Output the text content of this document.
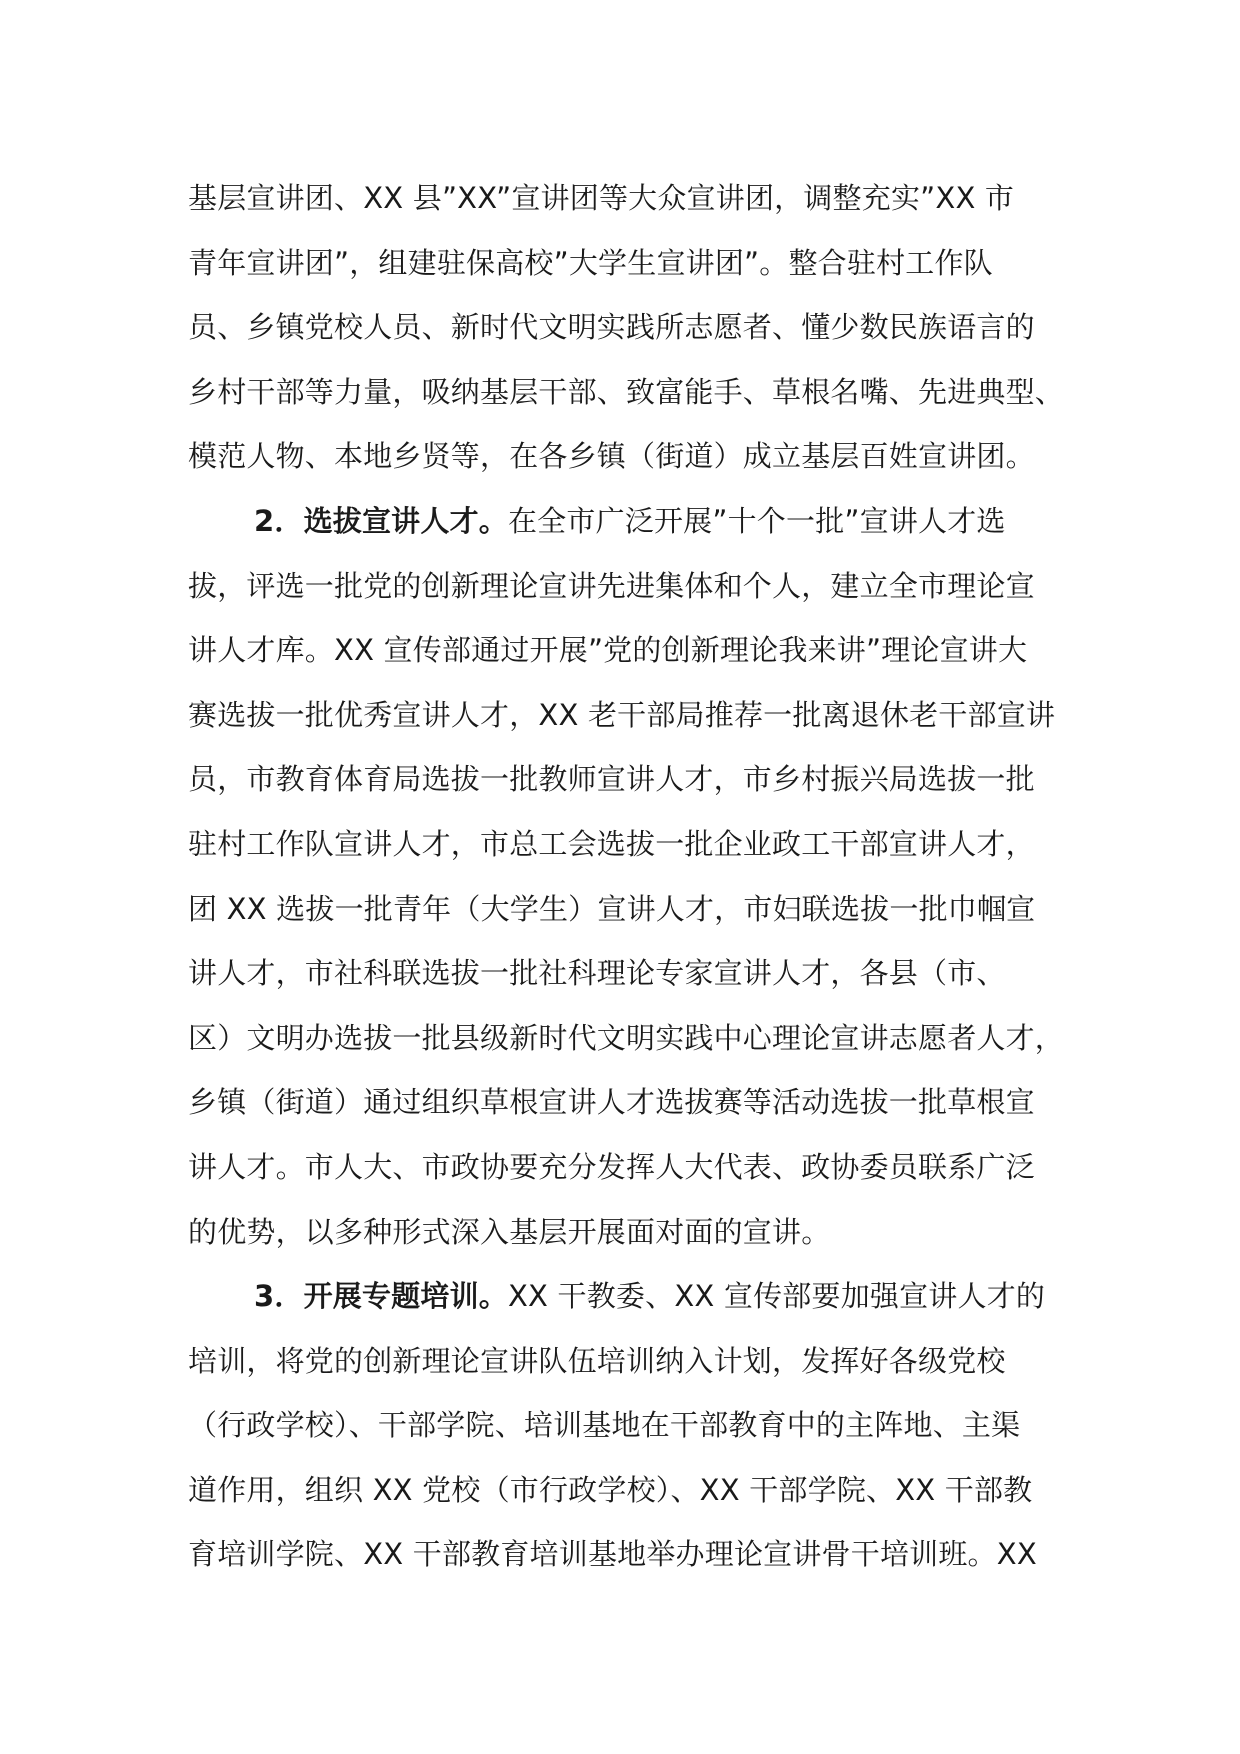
基层宣讲团、XX 县”XX”宣讲团等大众宣讲团，调整充实”XX 市
青年宣讲团”，组建驻保高校”大学生宣讲团”。整合驻村工作队
员、乡镇党校人员、新时代文明实践所志愿者、懂少数民族语言的
乡村干部等力量，吸纳基层干部、致富能手、草根名嘴、先进典型、
模范人物、本地乡贤等，在各乡镇（街道）成立基层百姓宣讲团。
2．选拔宣讲人才。在全市广泛开展”十个一批”宣讲人才选
拔，评选一批党的创新理论宣讲先进集体和个人，建立全市理论宣
讲人才库。XX 宣传部通过开展”党的创新理论我来讲”理论宣讲大
赛选拔一批优秀宣讲人才，XX 老干部局推荐一批离退休老干部宣讲
员，市教育体育局选拔一批教师宣讲人才，市乡村振兴局选拔一批
驻村工作队宣讲人才，市总工会选拔一批企业政工干部宣讲人才，
团 XX 选拔一批青年（大学生）宣讲人才，市妇联选拔一批巾帼宣
讲人才，市社科联选拔一批社科理论专家宣讲人才，各县（市、
区）文明办选拔一批县级新时代文明实践中心理论宣讲志愿者人才，
乡镇（街道）通过组织草根宣讲人才选拔赛等活动选拔一批草根宣
讲人才。市人大、市政协要充分发挥人大代表、政协委员联系广泛
的优势，以多种形式深入基层开展面对面的宣讲。
3．开展专题培训。XX 干教委、XX 宣传部要加强宣讲人才的
培训，将党的创新理论宣讲队伍培训纳入计划，发挥好各级党校
（行政学校）、干部学院、培训基地在干部教育中的主阵地、主渠
道作用，组织 XX 党校（市行政学校）、XX 干部学院、XX 干部教
育培训学院、XX 干部教育培训基地举办理论宣讲骨干培训班。XX
